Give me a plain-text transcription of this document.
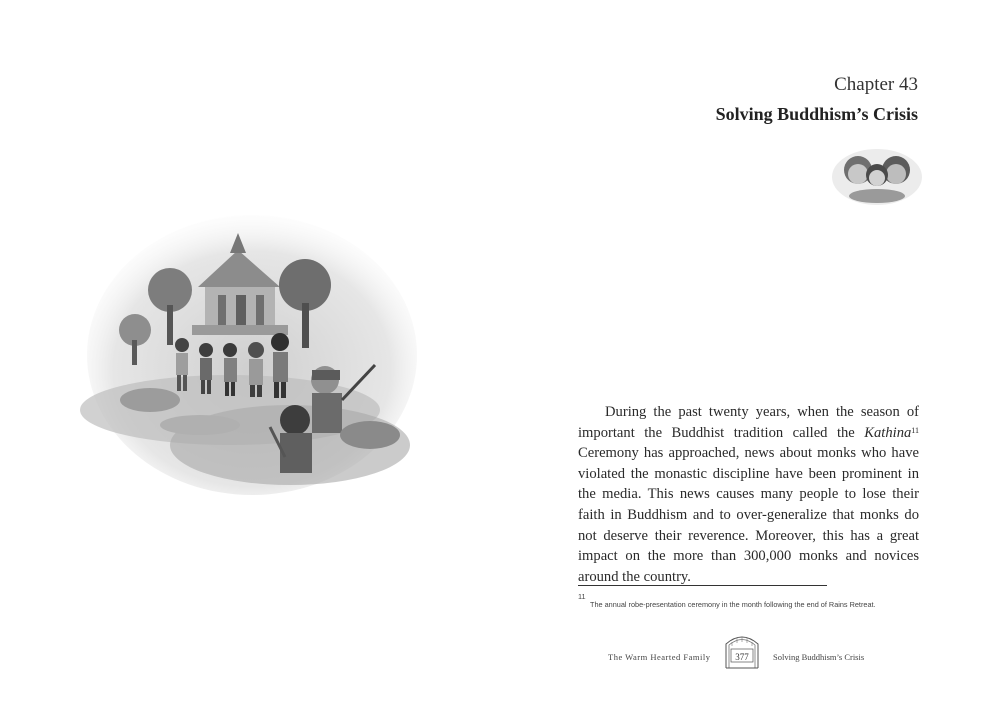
Chapter 43
Solving Buddhism’s Crisis
During the past twenty years, when the season of important the Buddhist tradition called the Kathina$^{11}$ Ceremony has approached, news about monks who have violated the monastic discipline have been prominent in the media. This news causes many people to lose their faith in Buddhism and to over-generalize that monks do not deserve their reverence. Moreover, this has a great impact on the more than 300,000 monks and novices around the country.
11
The annual robe-presentation ceremony in the month following the end of Rains Retreat.
The Warm Hearted Family	377	Solving Buddhism’s Crisis
